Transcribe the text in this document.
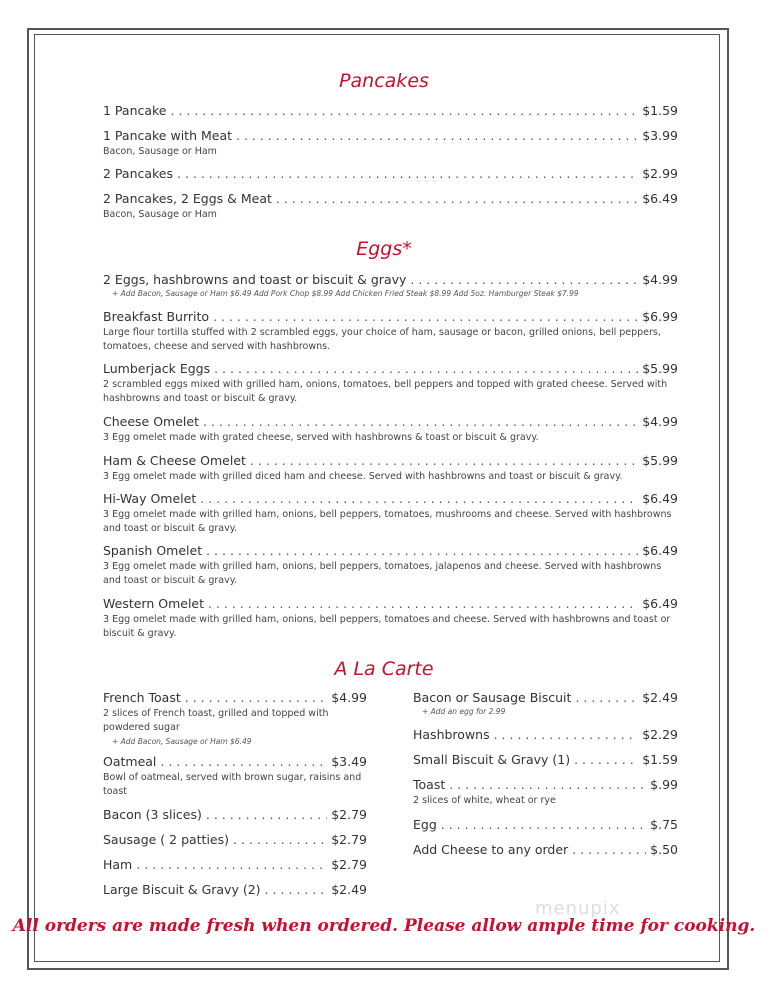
Pancakes
Eggs*
A La Carte
1 Pancake . . .	$1.59
1 Pancake with Meat . . .	$3.99
Bacon, Sausage or Ham
2 Pancakes . . .	$2.99
2 Pancakes, 2 Eggs & Meat . . .	$6.49
Bacon, Sausage or Ham
2 Eggs, hashbrowns and toast or biscuit & gravy . . .	$4.99
+ Add Bacon, Sausage or Ham $6.49 Add Pork Chop $8.99 Add Chicken Fried Steak $8.99 Add 5oz. Hamburger Steak $7.99
Breakfast Burrito . . .	$6.99
Large flour tortilla stuffed with 2 scrambled eggs, your choice of ham, sausage or bacon, grilled onions, bell peppers, tomatoes, cheese and served with hashbrowns.
Lumberjack Eggs . . .	$5.99
2 scrambled eggs mixed with grilled ham, onions, tomatoes, bell peppers and topped with grated cheese. Served with hashbrowns and toast or biscuit & gravy.
Cheese Omelet . . .	$4.99
3 Egg omelet made with grated cheese, served with hashbrowns & toast or biscuit & gravy.
Ham & Cheese Omelet . . .	$5.99
3 Egg omelet made with grilled diced ham and cheese. Served with hashbrowns and toast or biscuit & gravy.
Hi-Way Omelet . . .	$6.49
3 Egg omelet made with grilled ham, onions, bell peppers, tomatoes, mushrooms and cheese. Served with hashbrowns and toast or biscuit & gravy.
Spanish Omelet . . .	$6.49
3 Egg omelet made with grilled ham, onions, bell peppers, tomatoes, jalapenos and cheese. Served with hashbrowns and toast or biscuit & gravy.
Western Omelet . . .	$6.49
3 Egg omelet made with grilled ham, onions, bell peppers, tomatoes and cheese. Served with hashbrowns and toast or biscuit & gravy.
French Toast . . .	$4.99
2 slices of French toast, grilled and topped with powdered sugar
+ Add Bacon, Sausage or Ham $6.49
Oatmeal . . .	$3.49
Bowl of oatmeal, served with brown sugar, raisins and toast
Bacon (3 slices) . . .	$2.79
Sausage ( 2 patties) . . .	$2.79
Ham . . .	$2.79
Large Biscuit & Gravy (2) . . .	$2.49
Bacon or Sausage Biscuit . . .	$2.49
+ Add an egg for 2.99
Hashbrowns . . .	$2.29
Small Biscuit & Gravy (1) . . .	$1.59
Toast . . .	$.99
2 slices of white, wheat or rye
Egg . . .	$.75
Add Cheese to any order . . .	$.50
menupix
All orders are made fresh when ordered. Please allow ample time for cooking.
